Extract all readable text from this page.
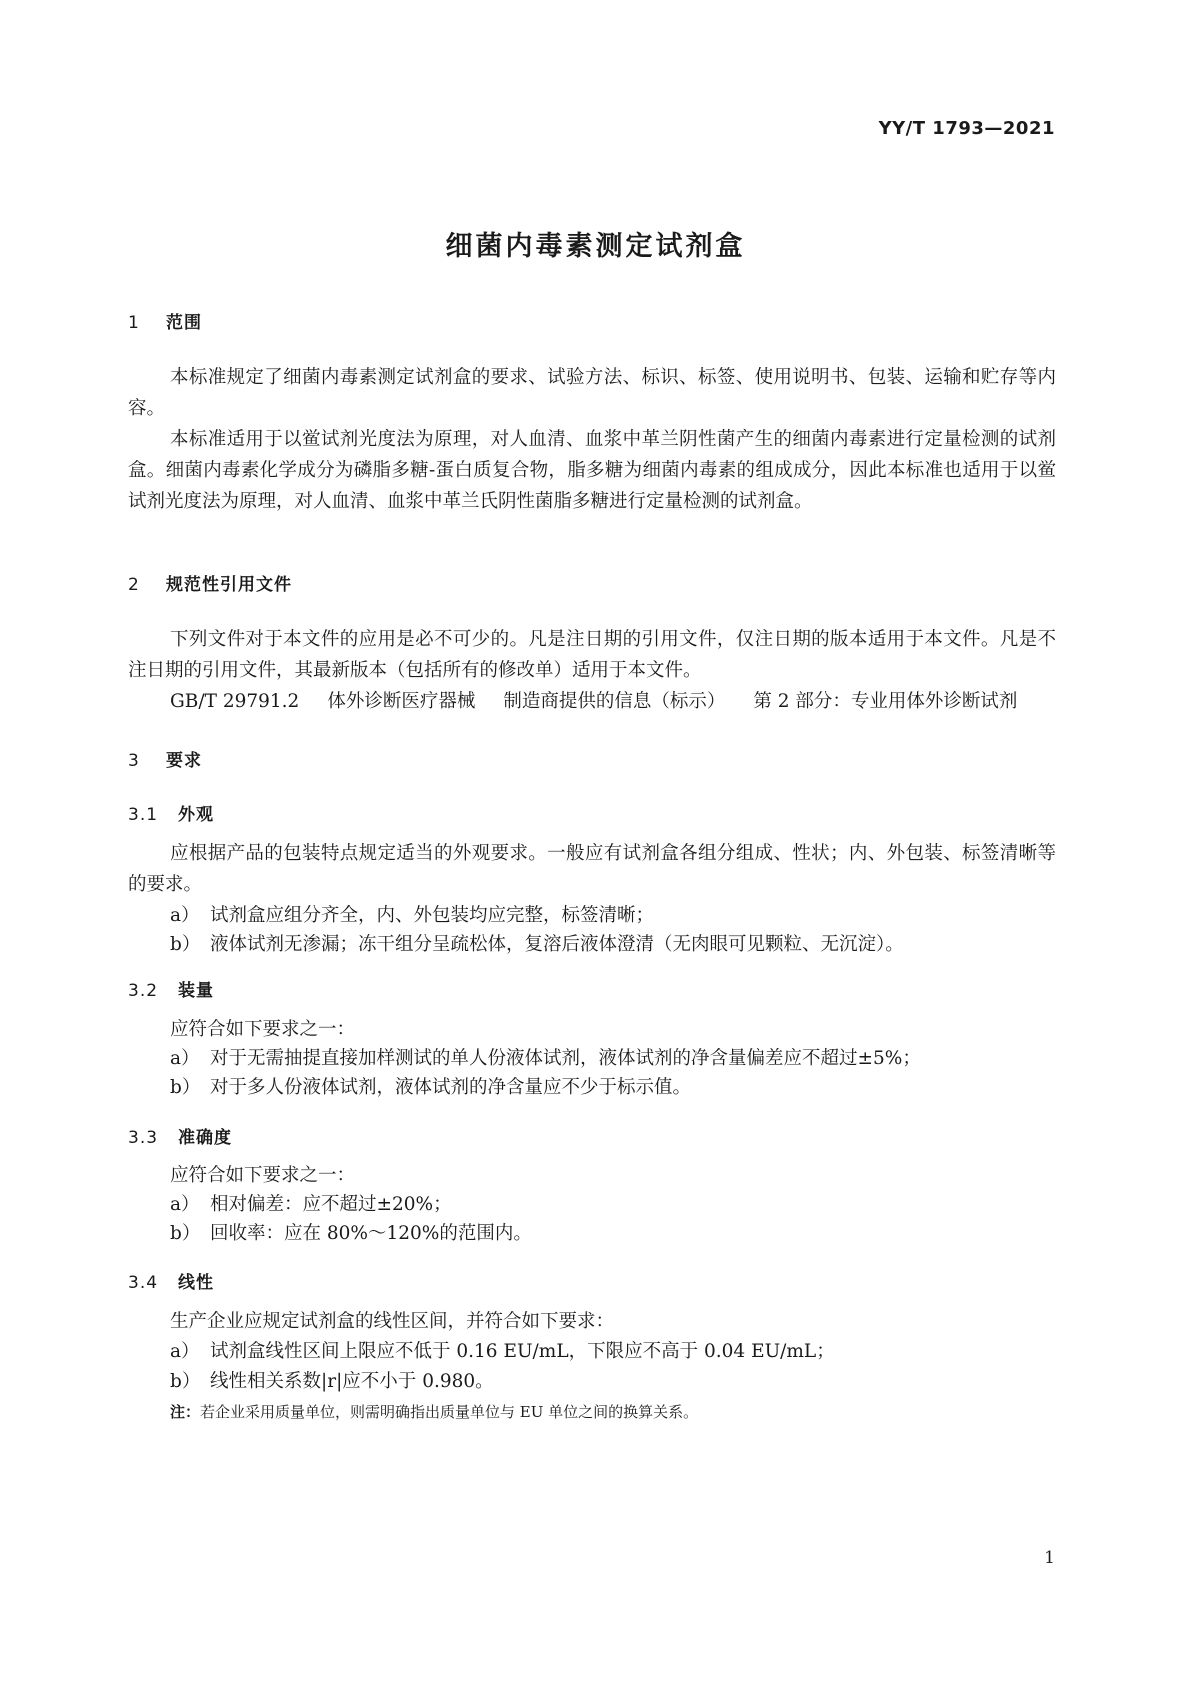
YY/T 1793—2021
细菌内毒素测定试剂盒
1 范围
本标准规定了细菌内毒素测定试剂盒的要求、试验方法、标识、标签、使用说明书、包装、运输和贮存等内容。
本标准适用于以鲎试剂光度法为原理，对人血清、血浆中革兰阴性菌产生的细菌内毒素进行定量检测的试剂盒。细菌内毒素化学成分为磷脂多糖-蛋白质复合物，脂多糖为细菌内毒素的组成成分，因此本标准也适用于以鲎试剂光度法为原理，对人血清、血浆中革兰氏阴性菌脂多糖进行定量检测的试剂盒。
2 规范性引用文件
下列文件对于本文件的应用是必不可少的。凡是注日期的引用文件，仅注日期的版本适用于本文件。凡是不注日期的引用文件，其最新版本（包括所有的修改单）适用于本文件。
GB/T 29791.2 体外诊断医疗器械 制造商提供的信息（标示） 第 2 部分：专业用体外诊断试剂
3 要求
3.1 外观
应根据产品的包装特点规定适当的外观要求。一般应有试剂盒各组分组成、性状；内、外包装、标签清晰等的要求。
a） 试剂盒应组分齐全，内、外包装均应完整，标签清晰；
b） 液体试剂无渗漏；冻干组分呈疏松体，复溶后液体澄清（无肉眼可见颗粒、无沉淀）。
3.2 装量
应符合如下要求之一：
a） 对于无需抽提直接加样测试的单人份液体试剂，液体试剂的净含量偏差应不超过±5%；
b） 对于多人份液体试剂，液体试剂的净含量应不少于标示值。
3.3 准确度
应符合如下要求之一：
a） 相对偏差：应不超过±20%；
b） 回收率：应在 80%～120%的范围内。
3.4 线性
生产企业应规定试剂盒的线性区间，并符合如下要求：
a） 试剂盒线性区间上限应不低于 0.16 EU/mL，下限应不高于 0.04 EU/mL；
b） 线性相关系数|r|应不小于 0.980。
注：若企业采用质量单位，则需明确指出质量单位与 EU 单位之间的换算关系。
1
